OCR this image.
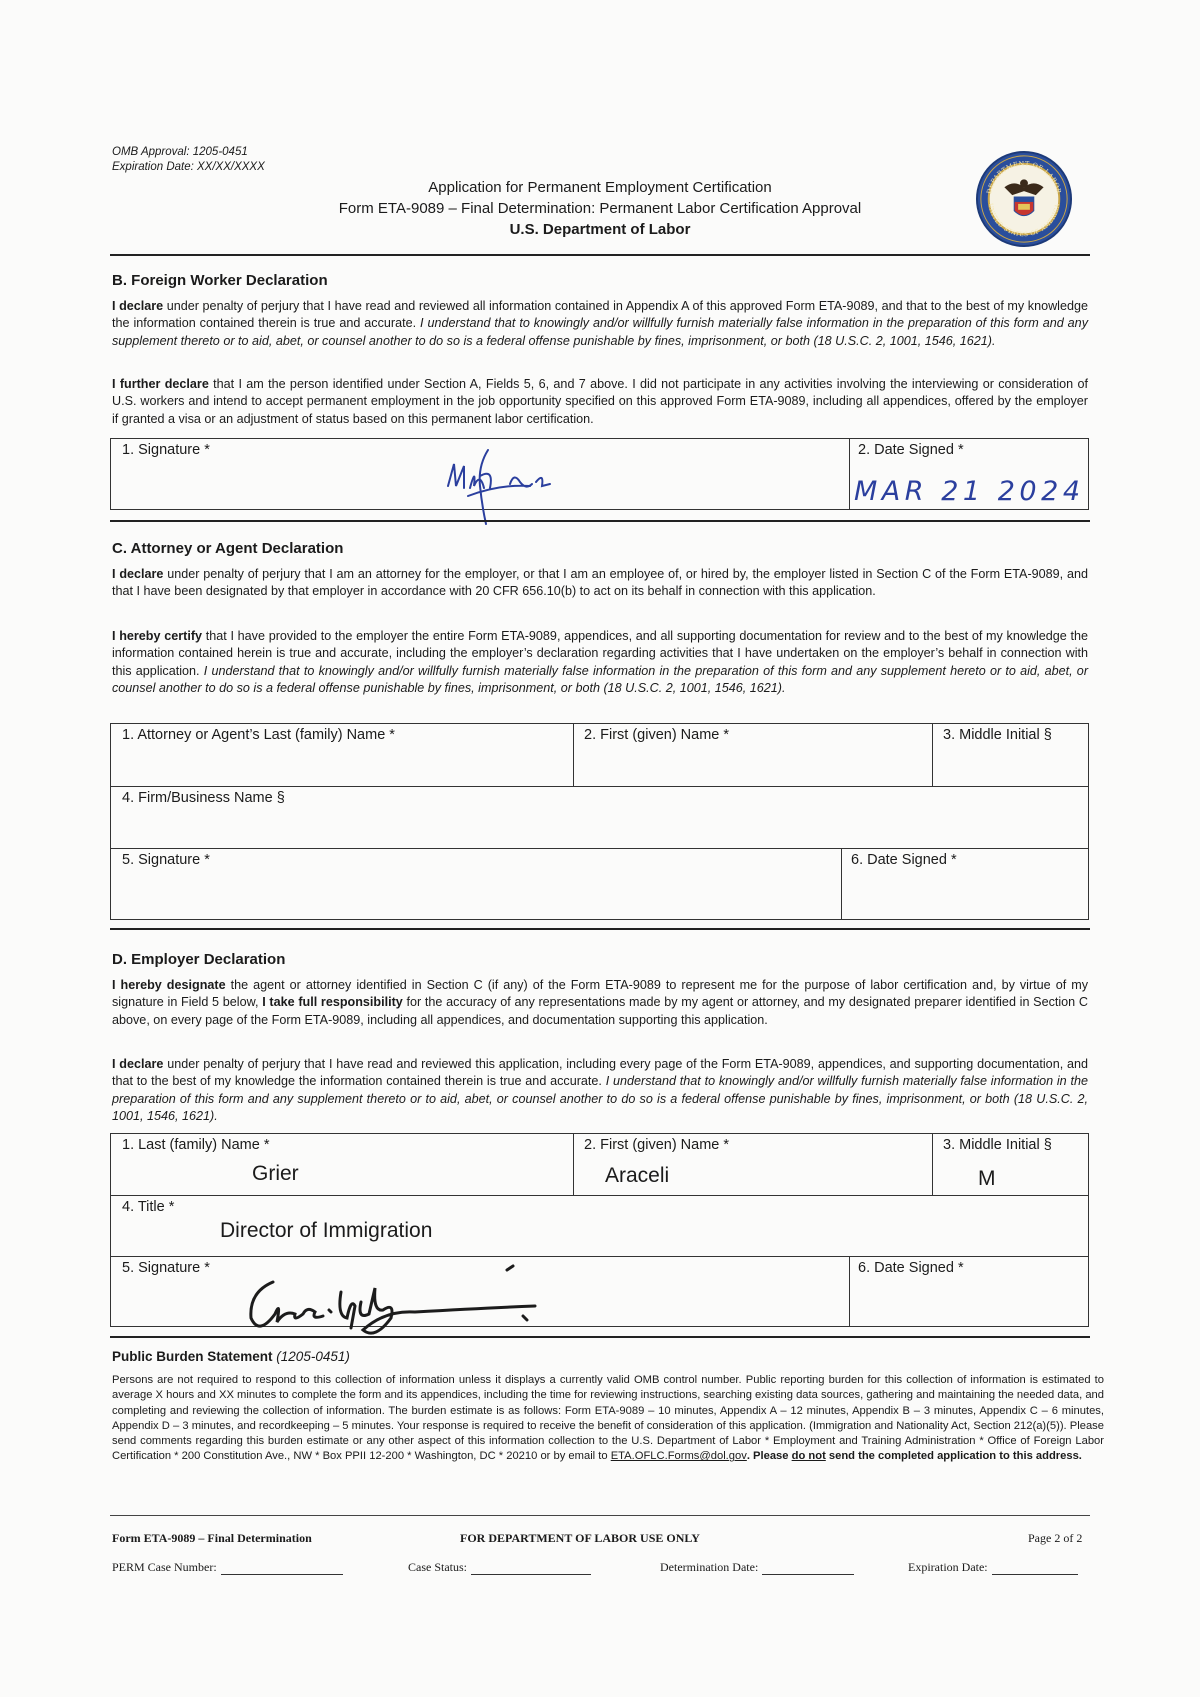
OMB Approval: 1205-0451
Expiration Date: XX/XX/XXXX
Application for Permanent Employment Certification
Form ETA-9089 – Final Determination: Permanent Labor Certification Approval
U.S. Department of Labor
DEPARTMENT OF LABOR
UNITED STATES OF AMERICA
B. Foreign Worker Declaration
I declare under penalty of perjury that I have read and reviewed all information contained in Appendix A of this approved Form ETA-9089, and that to the best of my knowledge the information contained therein is true and accurate. I understand that to knowingly and/or willfully furnish materially false information in the preparation of this form and any supplement thereto or to aid, abet, or counsel another to do so is a federal offense punishable by fines, imprisonment, or both (18 U.S.C. 2, 1001, 1546, 1621).
I further declare that I am the person identified under Section A, Fields 5, 6, and 7 above. I did not participate in any activities involving the interviewing or consideration of U.S. workers and intend to accept permanent employment in the job opportunity specified on this approved Form ETA-9089, including all appendices, offered by the employer if granted a visa or an adjustment of status based on this permanent labor certification.
1. Signature *	2. Date Signed *
MAR 21 2024
C. Attorney or Agent Declaration
I declare under penalty of perjury that I am an attorney for the employer, or that I am an employee of, or hired by, the employer listed in Section C of the Form ETA-9089, and that I have been designated by that employer in accordance with 20 CFR 656.10(b) to act on its behalf in connection with this application.
I hereby certify that I have provided to the employer the entire Form ETA-9089, appendices, and all supporting documentation for review and to the best of my knowledge the information contained herein is true and accurate, including the employer’s declaration regarding activities that I have undertaken on the employer’s behalf in connection with this application. I understand that to knowingly and/or willfully furnish materially false information in the preparation of this form and any supplement hereto or to aid, abet, or counsel another to do so is a federal offense punishable by fines, imprisonment, or both (18 U.S.C. 2, 1001, 1546, 1621).
1. Attorney or Agent’s Last (family) Name *	2. First (given) Name *	3. Middle Initial §
4. Firm/Business Name §
5. Signature *	6. Date Signed *
D. Employer Declaration
I hereby designate the agent or attorney identified in Section C (if any) of the Form ETA-9089 to represent me for the purpose of labor certification and, by virtue of my signature in Field 5 below, I take full responsibility for the accuracy of any representations made by my agent or attorney, and my designated preparer identified in Section C above, on every page of the Form ETA-9089, including all appendices, and documentation supporting this application.
I declare under penalty of perjury that I have read and reviewed this application, including every page of the Form ETA-9089, appendices, and supporting documentation, and that to the best of my knowledge the information contained therein is true and accurate. I understand that to knowingly and/or willfully furnish materially false information in the preparation of this form and any supplement thereto or to aid, abet, or counsel another to do so is a federal offense punishable by fines, imprisonment, or both (18 U.S.C. 2, 1001, 1546, 1621).
1. Last (family) Name *
Grier
2. First (given) Name *
Araceli
3. Middle Initial §
M
4. Title *
Director of Immigration
5. Signature *	6. Date Signed *
Public Burden Statement (1205-0451)
Persons are not required to respond to this collection of information unless it displays a currently valid OMB control number. Public reporting burden for this collection of information is estimated to average X hours and XX minutes to complete the form and its appendices, including the time for reviewing instructions, searching existing data sources, gathering and maintaining the needed data, and completing and reviewing the collection of information. The burden estimate is as follows: Form ETA-9089 – 10 minutes, Appendix A – 12 minutes, Appendix B – 3 minutes, Appendix C – 6 minutes, Appendix D – 3 minutes, and recordkeeping – 5 minutes. Your response is required to receive the benefit of consideration of this application. (Immigration and Nationality Act, Section 212(a)(5)). Please send comments regarding this burden estimate or any other aspect of this information collection to the U.S. Department of Labor * Employment and Training Administration * Office of Foreign Labor Certification * 200 Constitution Ave., NW * Box PPII 12-200 * Washington, DC * 20210 or by email to ETA.OFLC.Forms@dol.gov. Please do not send the completed application to this address.
Form ETA-9089 – Final Determination	FOR DEPARTMENT OF LABOR USE ONLY	Page 2 of 2
PERM Case Number:	Case Status:	Determination Date:	Expiration Date:
